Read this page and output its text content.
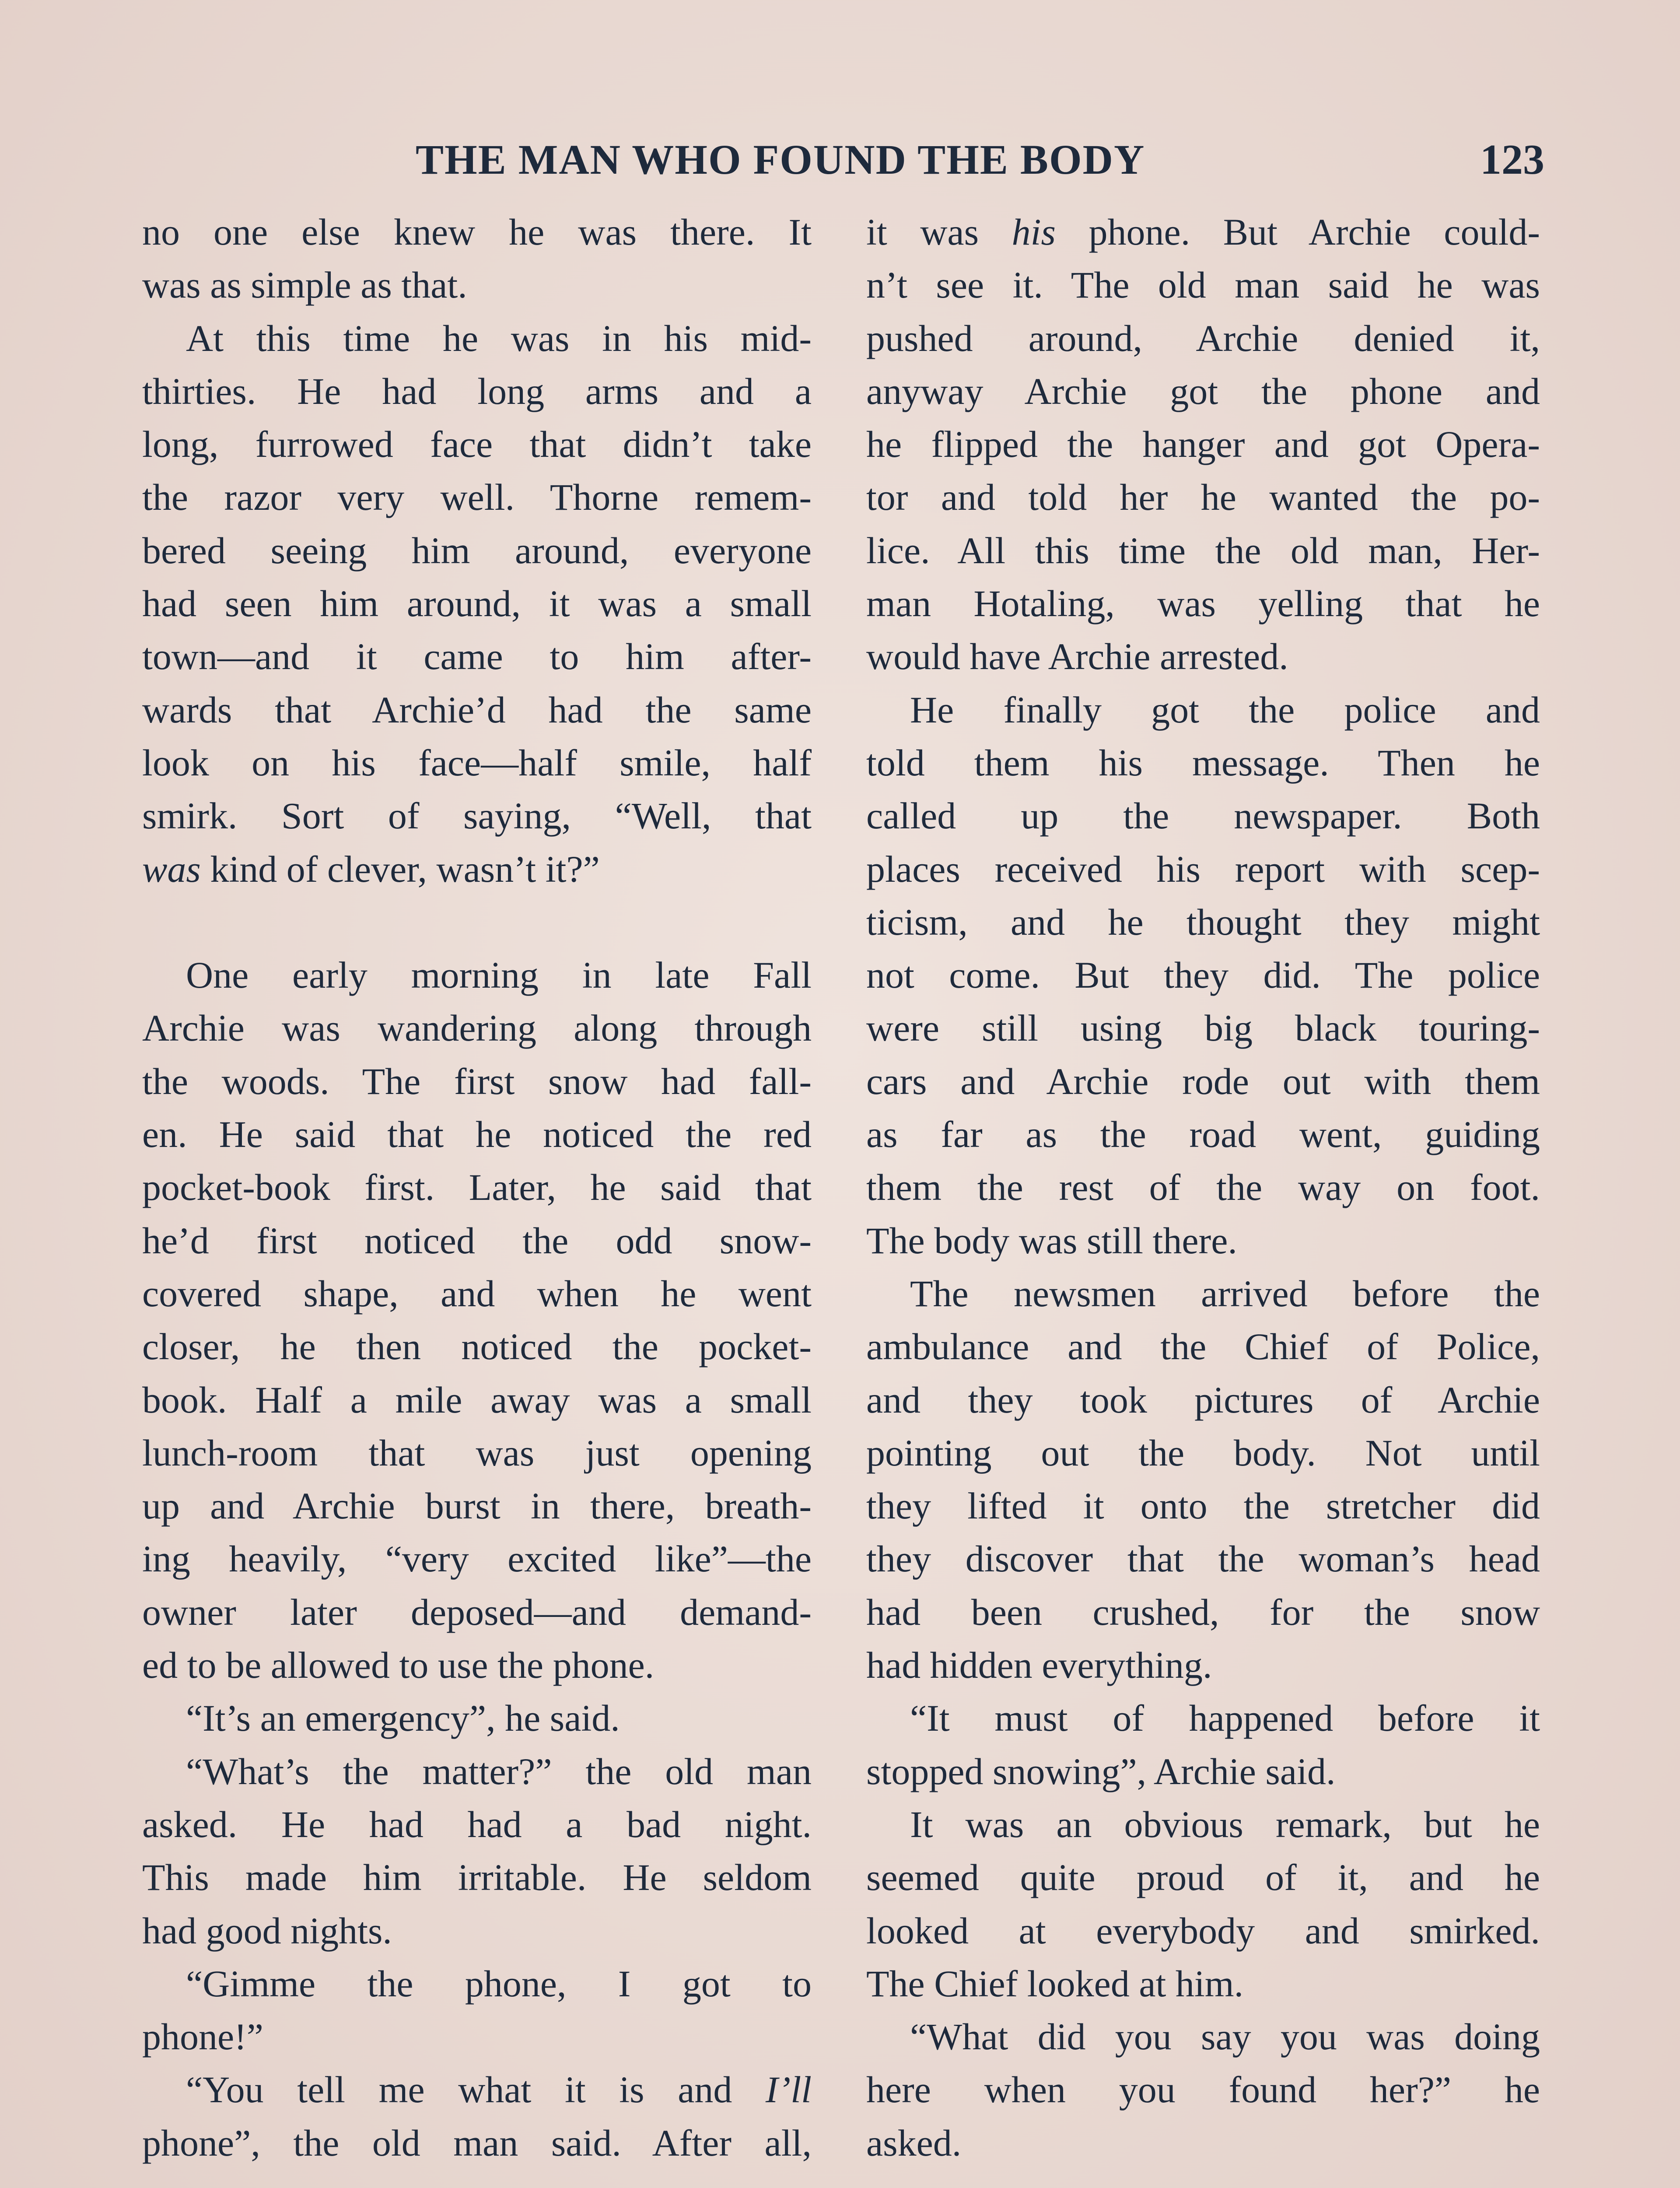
THE MAN WHO FOUND THE BODY	123
no one else knew he was there. It
was as simple as that.
At this time he was in his mid-
thirties. He had long arms and a
long, furrowed face that didn’t take
the razor very well. Thorne remem-
bered seeing him around, everyone
had seen him around, it was a small
town—and it came to him after-
wards that Archie’d had the same
look on his face—half smile, half
smirk. Sort of saying, “Well, that
was kind of clever, wasn’t it?”

One early morning in late Fall
Archie was wandering along through
the woods. The first snow had fall-
en. He said that he noticed the red
pocket-book first. Later, he said that
he’d first noticed the odd snow-
covered shape, and when he went
closer, he then noticed the pocket-
book. Half a mile away was a small
lunch-room that was just opening
up and Archie burst in there, breath-
ing heavily, “very excited like”—the
owner later deposed—and demand-
ed to be allowed to use the phone.
“It’s an emergency”, he said.
“What’s the matter?” the old man
asked. He had had a bad night.
This made him irritable. He seldom
had good nights.
“Gimme the phone, I got to
phone!”
“You tell me what it is and I’ll
phone”, the old man said. After all,
it was his phone. But Archie could-
n’t see it. The old man said he was
pushed around, Archie denied it,
anyway Archie got the phone and
he flipped the hanger and got Opera-
tor and told her he wanted the po-
lice. All this time the old man, Her-
man Hotaling, was yelling that he
would have Archie arrested.
He finally got the police and
told them his message. Then he
called up the newspaper. Both
places received his report with scep-
ticism, and he thought they might
not come. But they did. The police
were still using big black touring-
cars and Archie rode out with them
as far as the road went, guiding
them the rest of the way on foot.
The body was still there.
The newsmen arrived before the
ambulance and the Chief of Police,
and they took pictures of Archie
pointing out the body. Not until
they lifted it onto the stretcher did
they discover that the woman’s head
had been crushed, for the snow
had hidden everything.
“It must of happened before it
stopped snowing”, Archie said.
It was an obvious remark, but he
seemed quite proud of it, and he
looked at everybody and smirked.
The Chief looked at him.
“What did you say you was doing
here when you found her?” he
asked.
